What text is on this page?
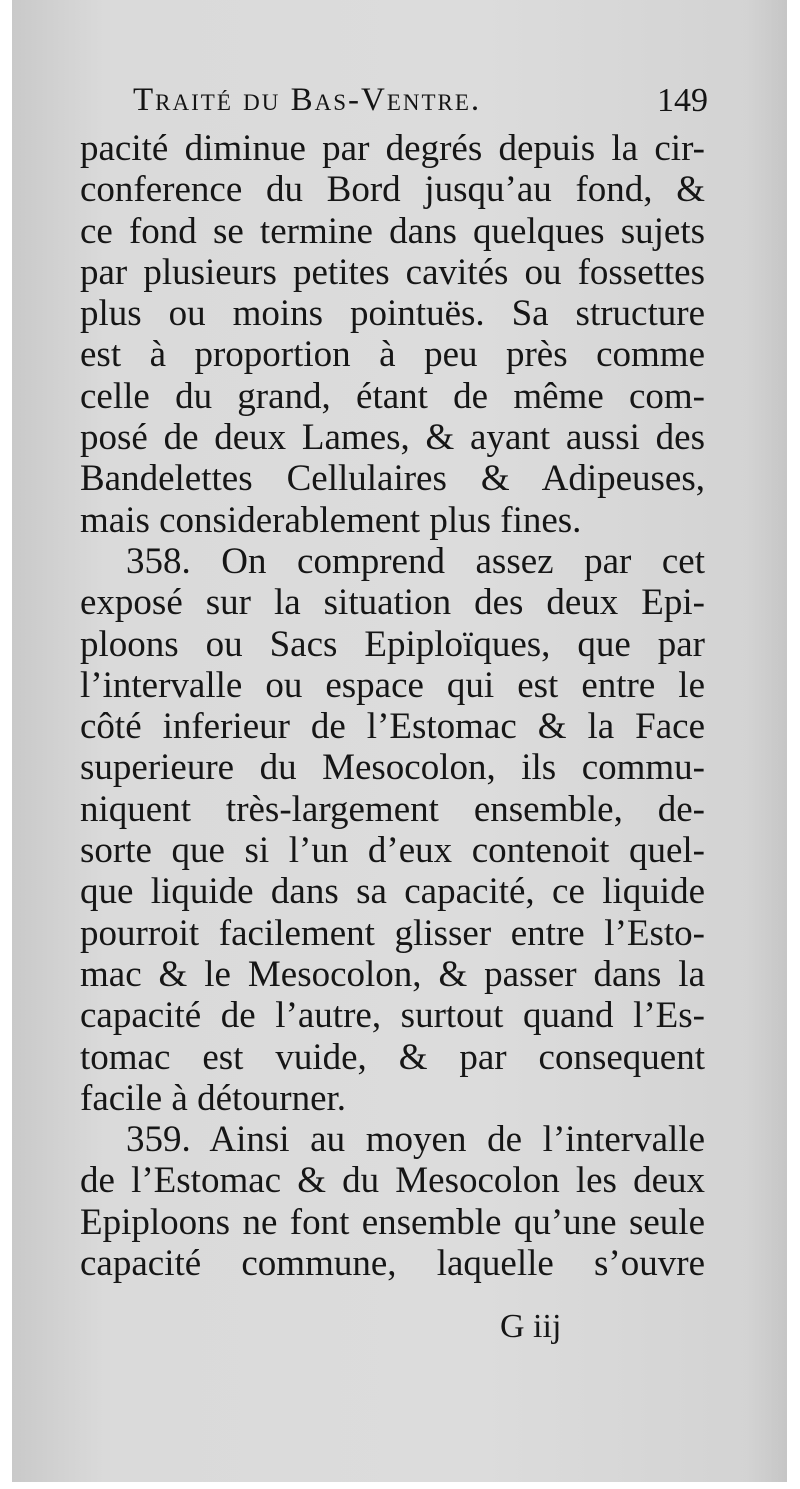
Traité du Bas-Ventre.	149
pacité diminue par degrés depuis la cir-
conference du Bord jusqu’au fond, &
ce fond se termine dans quelques sujets
par plusieurs petites cavités ou fossettes
plus ou moins pointuës. Sa structure
est à proportion à peu près comme
celle du grand, étant de même com-
posé de deux Lames, & ayant aussi des
Bandelettes Cellulaires & Adipeuses,
mais considerablement plus fines.
358. On comprend assez par cet
exposé sur la situation des deux Epi-
ploons ou Sacs Epiploïques, que par
l’intervalle ou espace qui est entre le
côté inferieur de l’Estomac & la Face
superieure du Mesocolon, ils commu-
niquent très-largement ensemble, de-
sorte que si l’un d’eux contenoit quel-
que liquide dans sa capacité, ce liquide
pourroit facilement glisser entre l’Esto-
mac & le Mesocolon, & passer dans la
capacité de l’autre, surtout quand l’Es-
tomac est vuide, & par consequent
facile à détourner.
359. Ainsi au moyen de l’intervalle
de l’Estomac & du Mesocolon les deux
Epiploons ne font ensemble qu’une seule
capacité commune, laquelle s’ouvre
G iij
